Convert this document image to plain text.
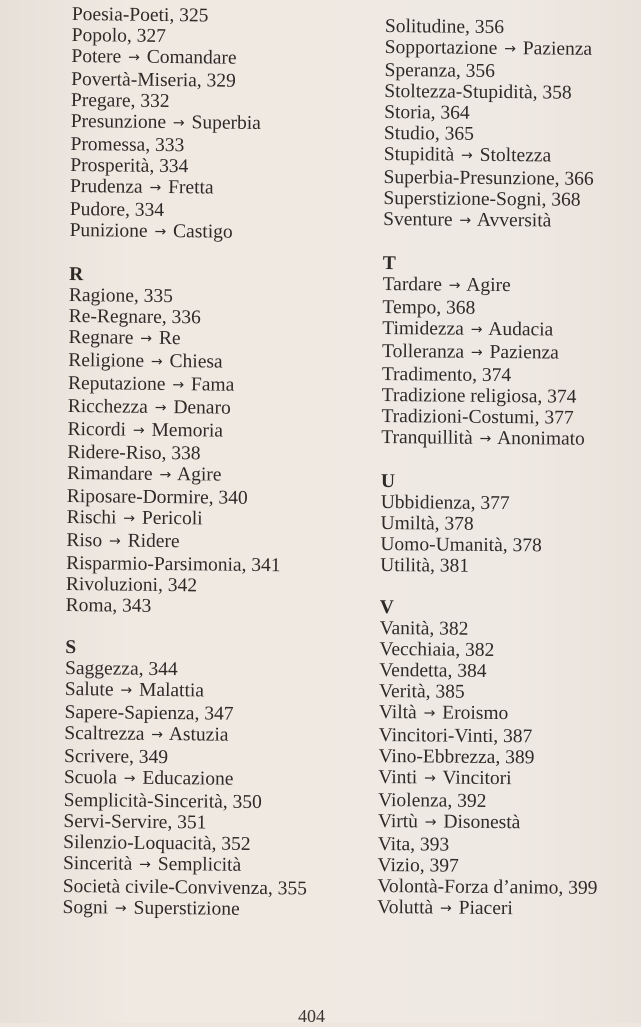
Poesia-Poeti, 325
Popolo, 327
Potere → Comandare
Povertà-Miseria, 329
Pregare, 332
Presunzione → Superbia
Promessa, 333
Prosperità, 334
Prudenza → Fretta
Pudore, 334
Punizione → Castigo
R
Ragione, 335
Re-Regnare, 336
Regnare → Re
Religione → Chiesa
Reputazione → Fama
Ricchezza → Denaro
Ricordi → Memoria
Ridere-Riso, 338
Rimandare → Agire
Riposare-Dormire, 340
Rischi → Pericoli
Riso → Ridere
Risparmio-Parsimonia, 341
Rivoluzioni, 342
Roma, 343
S
Saggezza, 344
Salute → Malattia
Sapere-Sapienza, 347
Scaltrezza → Astuzia
Scrivere, 349
Scuola → Educazione
Semplicità-Sincerità, 350
Servi-Servire, 351
Silenzio-Loquacità, 352
Sincerità → Semplicità
Società civile-Convivenza, 355
Sogni → Superstizione
Solitudine, 356
Sopportazione → Pazienza
Speranza, 356
Stoltezza-Stupidità, 358
Storia, 364
Studio, 365
Stupidità → Stoltezza
Superbia-Presunzione, 366
Superstizione-Sogni, 368
Sventure → Avversità
T
Tardare → Agire
Tempo, 368
Timidezza → Audacia
Tolleranza → Pazienza
Tradimento, 374
Tradizione religiosa, 374
Tradizioni-Costumi, 377
Tranquillità → Anonimato
U
Ubbidienza, 377
Umiltà, 378
Uomo-Umanità, 378
Utilità, 381
V
Vanità, 382
Vecchiaia, 382
Vendetta, 384
Verità, 385
Viltà → Eroismo
Vincitori-Vinti, 387
Vino-Ebbrezza, 389
Vinti → Vincitori
Violenza, 392
Virtù → Disonestà
Vita, 393
Vizio, 397
Volontà-Forza d’animo, 399
Voluttà → Piaceri
404
